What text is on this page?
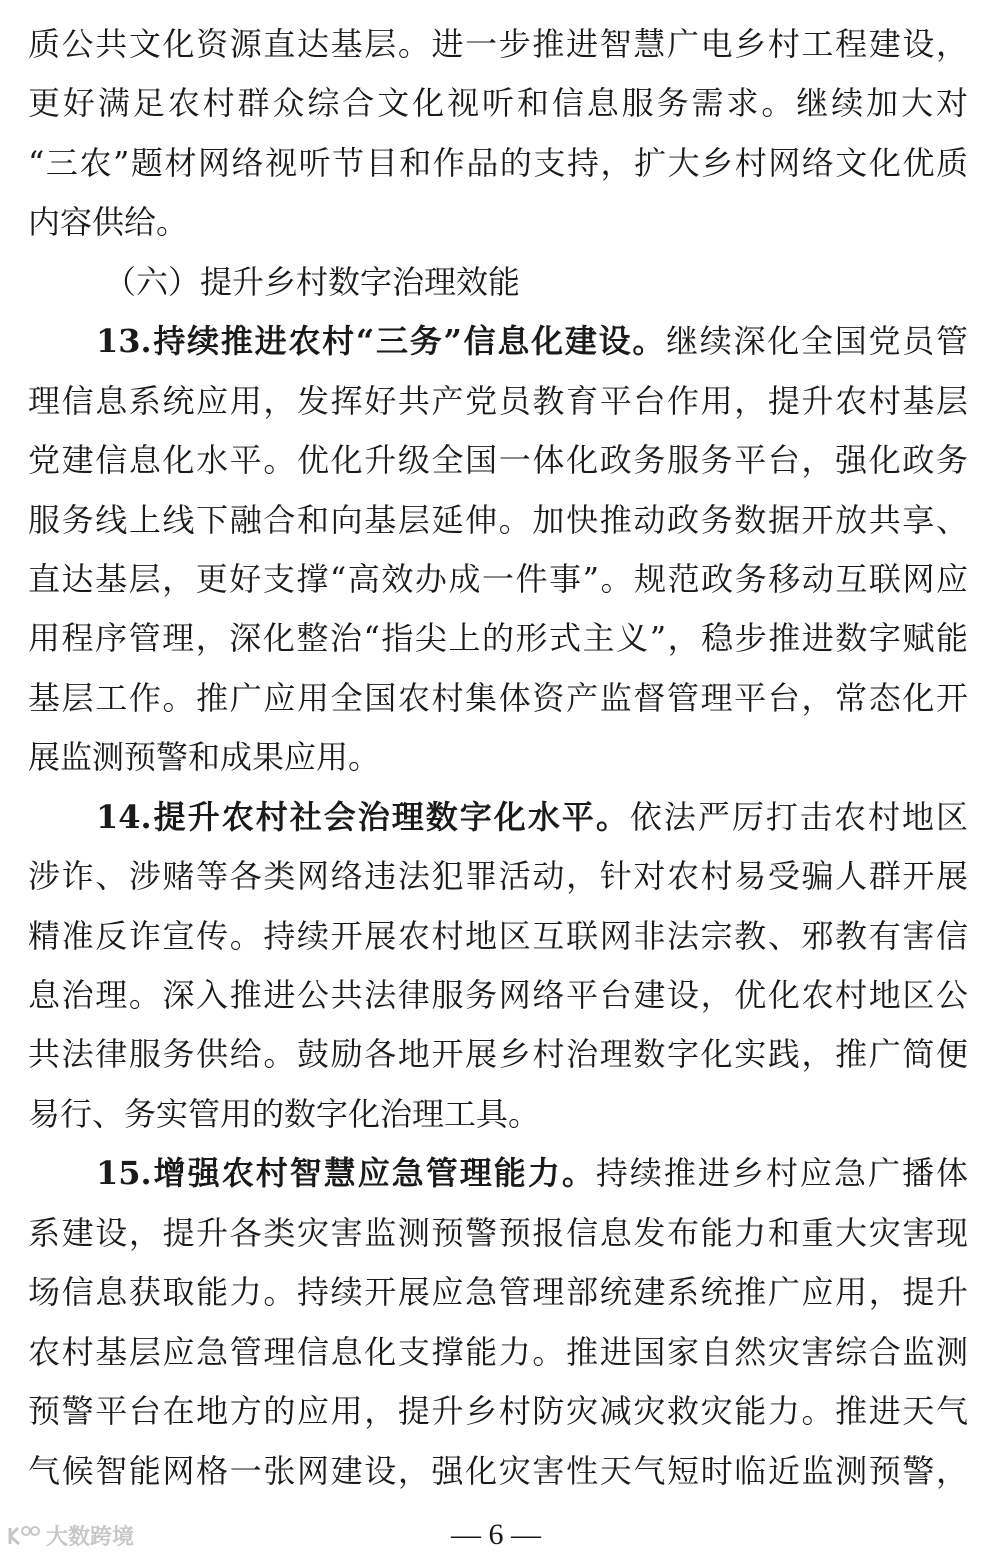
质公共文化资源直达基层。进一步推进智慧广电乡村工程建设，
更好满足农村群众综合文化视听和信息服务需求。继续加大对
“三农”题材网络视听节目和作品的支持，扩大乡村网络文化优质
内容供给。
（六）提升乡村数字治理效能
13.持续推进农村“三务”信息化建设。继续深化全国党员管
理信息系统应用，发挥好共产党员教育平台作用，提升农村基层
党建信息化水平。优化升级全国一体化政务服务平台，强化政务
服务线上线下融合和向基层延伸。加快推动政务数据开放共享、
直达基层，更好支撑“高效办成一件事”。规范政务移动互联网应
用程序管理，深化整治“指尖上的形式主义”，稳步推进数字赋能
基层工作。推广应用全国农村集体资产监督管理平台，常态化开
展监测预警和成果应用。
14.提升农村社会治理数字化水平。依法严厉打击农村地区
涉诈、涉赌等各类网络违法犯罪活动，针对农村易受骗人群开展
精准反诈宣传。持续开展农村地区互联网非法宗教、邪教有害信
息治理。深入推进公共法律服务网络平台建设，优化农村地区公
共法律服务供给。鼓励各地开展乡村治理数字化实践，推广简便
易行、务实管用的数字化治理工具。
15.增强农村智慧应急管理能力。持续推进乡村应急广播体
系建设，提升各类灾害监测预警预报信息发布能力和重大灾害现
场信息获取能力。持续开展应急管理部统建系统推广应用，提升
农村基层应急管理信息化支撑能力。推进国家自然灾害综合监测
预警平台在地方的应用，提升乡村防灾减灾救灾能力。推进天气
气候智能网格一张网建设，强化灾害性天气短时临近监测预警，
大数跨境	— 6 —
